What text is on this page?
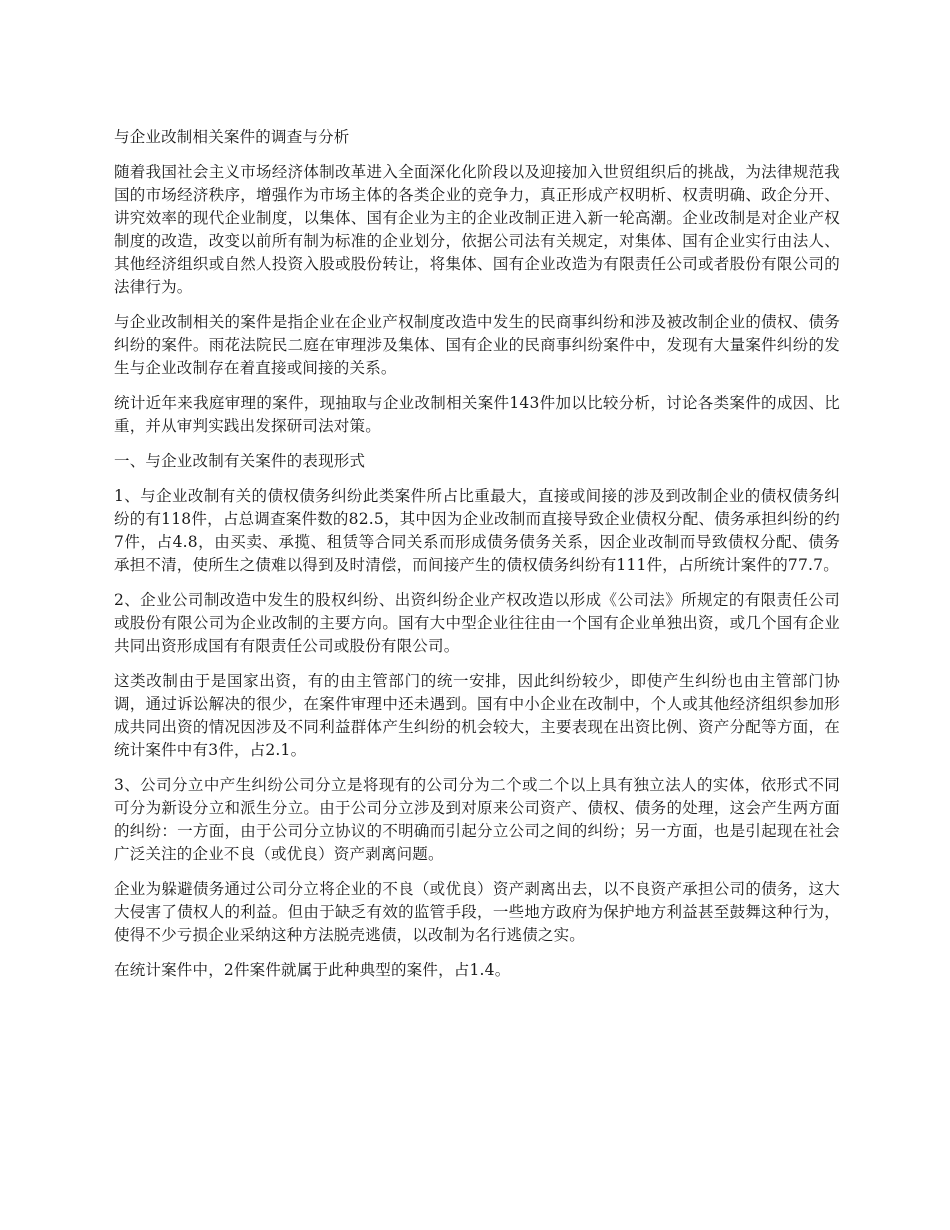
与企业改制相关案件的调查与分析

随着我国社会主义市场经济体制改革进入全面深化化阶段以及迎接加入世贸组织后的挑战，为法律规范我国的市场经济秩序，增强作为市场主体的各类企业的竞争力，真正形成产权明析、权责明确、政企分开、讲究效率的现代企业制度，以集体、国有企业为主的企业改制正进入新一轮高潮。企业改制是对企业产权制度的改造，改变以前所有制为标准的企业划分，依据公司法有关规定，对集体、国有企业实行由法人、其他经济组织或自然人投资入股或股份转让，将集体、国有企业改造为有限责任公司或者股份有限公司的法律行为。

与企业改制相关的案件是指企业在企业产权制度改造中发生的民商事纠纷和涉及被改制企业的债权、债务纠纷的案件。雨花法院民二庭在审理涉及集体、国有企业的民商事纠纷案件中，发现有大量案件纠纷的发生与企业改制存在着直接或间接的关系。

统计近年来我庭审理的案件，现抽取与企业改制相关案件143件加以比较分析，讨论各类案件的成因、比重，并从审判实践出发探研司法对策。

一、与企业改制有关案件的表现形式

1、与企业改制有关的债权债务纠纷此类案件所占比重最大，直接或间接的涉及到改制企业的债权债务纠纷的有118件，占总调查案件数的82.5，其中因为企业改制而直接导致企业债权分配、债务承担纠纷的约7件，占4.8，由买卖、承揽、租赁等合同关系而形成债务债务关系，因企业改制而导致债权分配、债务承担不清，使所生之债难以得到及时清偿，而间接产生的债权债务纠纷有111件，占所统计案件的77.7。

2、企业公司制改造中发生的股权纠纷、出资纠纷企业产权改造以形成《公司法》所规定的有限责任公司或股份有限公司为企业改制的主要方向。国有大中型企业往往由一个国有企业单独出资，或几个国有企业共同出资形成国有有限责任公司或股份有限公司。

这类改制由于是国家出资，有的由主管部门的统一安排，因此纠纷较少，即使产生纠纷也由主管部门协调，通过诉讼解决的很少，在案件审理中还未遇到。国有中小企业在改制中，个人或其他经济组织参加形成共同出资的情况因涉及不同利益群体产生纠纷的机会较大，主要表现在出资比例、资产分配等方面，在统计案件中有3件，占2.1。

3、公司分立中产生纠纷公司分立是将现有的公司分为二个或二个以上具有独立法人的实体，依形式不同可分为新设分立和派生分立。由于公司分立涉及到对原来公司资产、债权、债务的处理，这会产生两方面的纠纷：一方面，由于公司分立协议的不明确而引起分立公司之间的纠纷；另一方面，也是引起现在社会广泛关注的企业不良（或优良）资产剥离问题。

企业为躲避债务通过公司分立将企业的不良（或优良）资产剥离出去，以不良资产承担公司的债务，这大大侵害了债权人的利益。但由于缺乏有效的监管手段，一些地方政府为保护地方利益甚至鼓舞这种行为，使得不少亏损企业采纳这种方法脱壳逃债，以改制为名行逃债之实。

在统计案件中，2件案件就属于此种典型的案件，占1.4。
